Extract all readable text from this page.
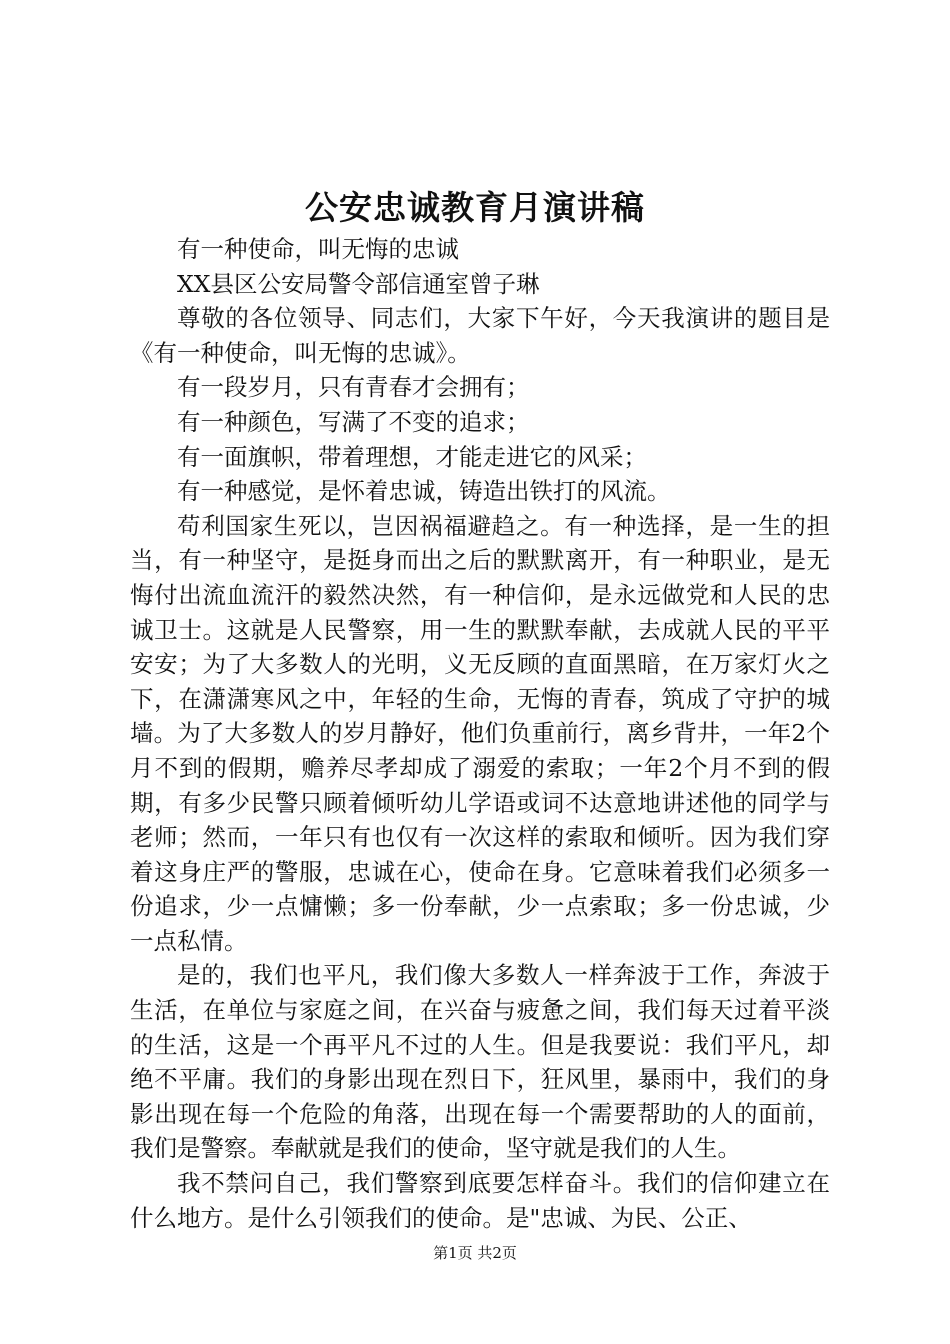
公安忠诚教育月演讲稿

有一种使命，叫无悔的忠诚

XX县区公安局警令部信通室曾子琳

尊敬的各位领导、同志们，大家下午好，今天我演讲的题目是《有一种使命，叫无悔的忠诚》。

有一段岁月，只有青春才会拥有；

有一种颜色，写满了不变的追求；

有一面旗帜，带着理想，才能走进它的风采；

有一种感觉，是怀着忠诚，铸造出铁打的风流。

苟利国家生死以，岂因祸福避趋之。有一种选择，是一生的担当，有一种坚守，是挺身而出之后的默默离开，有一种职业，是无悔付出流血流汗的毅然决然，有一种信仰，是永远做党和人民的忠诚卫士。这就是人民警察，用一生的默默奉献，去成就人民的平平安安；为了大多数人的光明，义无反顾的直面黑暗，在万家灯火之下，在潇潇寒风之中，年轻的生命，无悔的青春，筑成了守护的城墙。为了大多数人的岁月静好，他们负重前行，离乡背井，一年2个月不到的假期，赡养尽孝却成了溺爱的索取；一年2个月不到的假期，有多少民警只顾着倾听幼儿学语或词不达意地讲述他的同学与老师；然而，一年只有也仅有一次这样的索取和倾听。因为我们穿着这身庄严的警服，忠诚在心，使命在身。它意味着我们必须多一份追求，少一点慵懒；多一份奉献，少一点索取；多一份忠诚，少一点私情。

是的，我们也平凡，我们像大多数人一样奔波于工作，奔波于生活，在单位与家庭之间，在兴奋与疲惫之间，我们每天过着平淡的生活，这是一个再平凡不过的人生。但是我要说：我们平凡，却绝不平庸。我们的身影出现在烈日下，狂风里，暴雨中，我们的身影出现在每一个危险的角落，出现在每一个需要帮助的人的面前，我们是警察。奉献就是我们的使命，坚守就是我们的人生。

我不禁问自己，我们警察到底要怎样奋斗。我们的信仰建立在什么地方。是什么引领我们的使命。是"忠诚、为民、公正、

第1页 共2页
